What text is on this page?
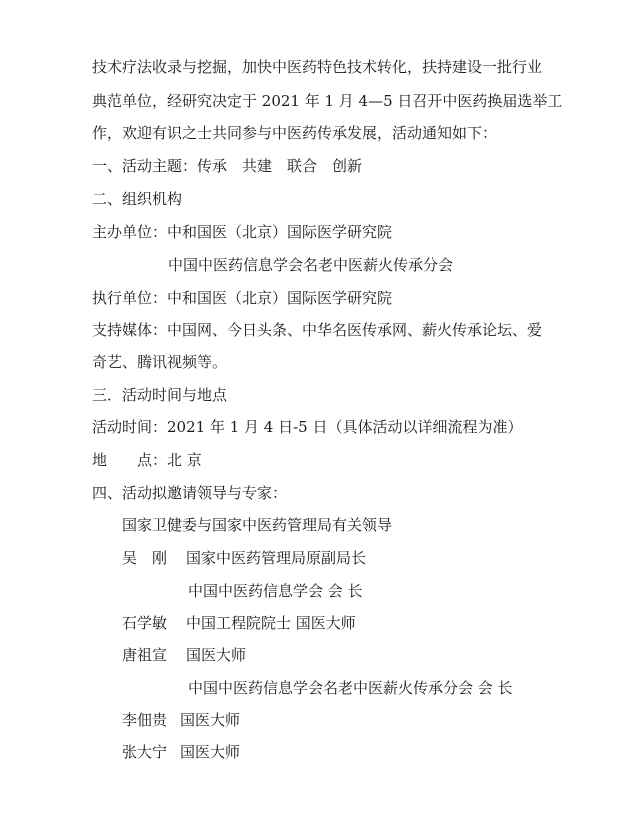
技术疗法收录与挖掘，加快中医药特色技术转化，扶持建设一批行业
典范单位，经研究决定于 2021 年 1 月 4—5 日召开中医药换届选举工
作，欢迎有识之士共同参与中医药传承发展，活动通知如下：
一、活动主题：传承　共建　联合　创新
二、组织机构
主办单位：中和国医（北京）国际医学研究院
中国中医药信息学会名老中医薪火传承分会
执行单位：中和国医（北京）国际医学研究院
支持媒体：中国网、今日头条、中华名医传承网、薪火传承论坛、爱
奇艺、腾讯视频等。
三．活动时间与地点
活动时间：2021 年 1 月 4 日-5 日（具体活动以详细流程为准）
地　　点：北 京
四、活动拟邀请领导与专家：
国家卫健委与国家中医药管理局有关领导
吴　刚 国家中医药管理局原副局长
中国中医药信息学会 会 长
石学敏 中国工程院院士 国医大师
唐祖宣 国医大师
中国中医药信息学会名老中医薪火传承分会 会 长
李佃贵 国医大师
张大宁 国医大师
